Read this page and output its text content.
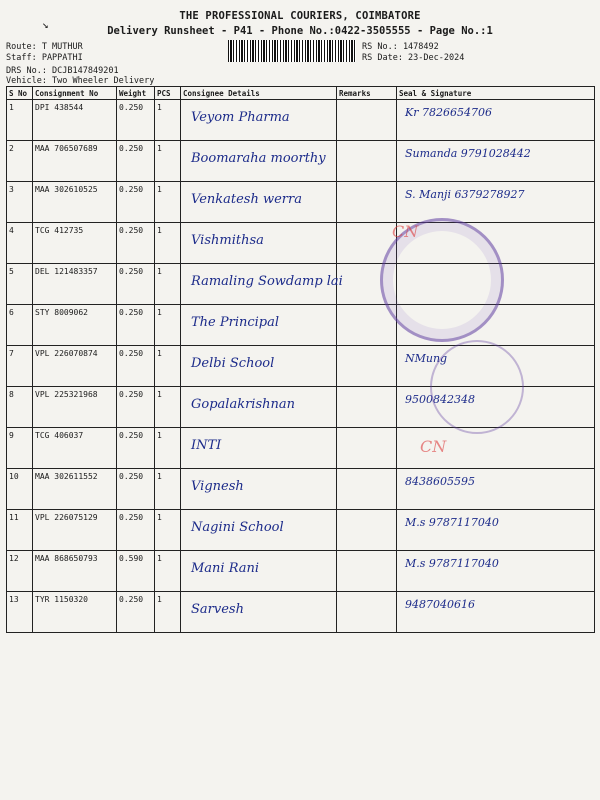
↘
THE PROFESSIONAL COURIERS, COIMBATORE
Delivery Runsheet - P41 - Phone No.:0422-3505555 - Page No.:1
Route: T MUTHUR
Staff: PAPPATHI
DRS No.: DCJB147849201
Vehicle: Two Wheeler Delivery
RS No.: 1478492
RS Date: 23-Dec-2024
S No	Consignment No	Weight	PCS	Consignee Details	Remarks	Seal & Signature
1	DPI 438544	0.250	1	Veyom Pharma		Kr 7826654706

2	MAA 706507689	0.250	1	Boomaraha moorthy		Sumanda 9791028442

3	MAA 302610525	0.250	1	Venkatesh werra		S. Manji 6379278927

4	TCG 412735	0.250	1	Vishmithsa		

5	DEL 121483357	0.250	1	Ramaling Sowdamp lai		

6	STY 8009062	0.250	1	The Principal		

7	VPL 226070874	0.250	1	Delbi School		NMung

8	VPL 225321968	0.250	1	Gopalakrishnan		9500842348

9	TCG 406037	0.250	1	INTI		

10	MAA 302611552	0.250	1	Vignesh		8438605595

11	VPL 226075129	0.250	1	Nagini School		M.s 9787117040

12	MAA 868650793	0.590	1	Mani Rani		M.s 9787117040

13	TYR 1150320	0.250	1	Sarvesh		9487040616
CN
CN
